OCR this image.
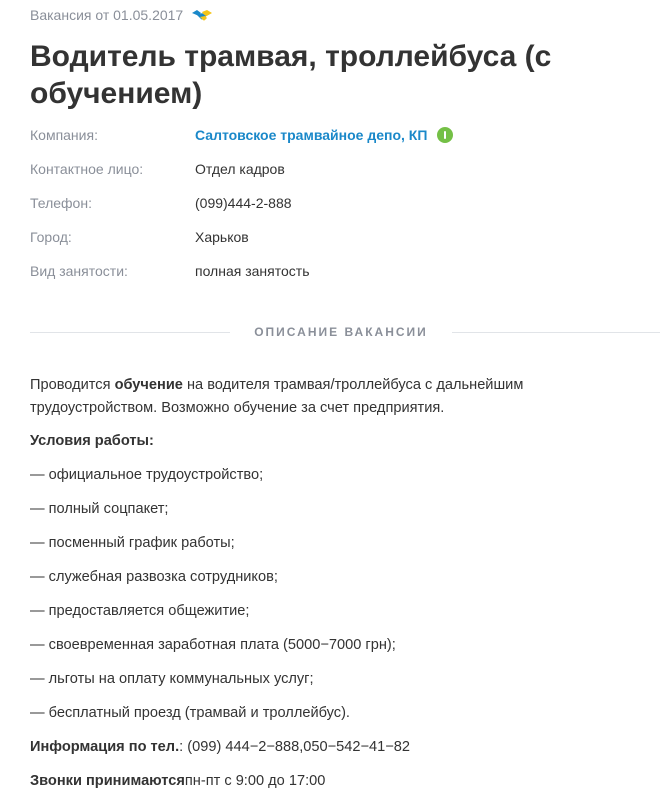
Вакансия от 01.05.2017
Водитель трамвая, троллейбуса (с обучением)
Компания:	Салтовское трамвайное депо, КП
Контактное лицо:	Отдел кадров
Телефон:	(099)444-2-888
Город:	Харьков
Вид занятости:	полная занятость
ОПИСАНИЕ ВАКАНСИИ

Проводится обучение на водителя трамвая/троллейбуса с дальнейшим трудоустройством. Возможно обучение за счет предприятия.

Условия работы:

— официальное трудоустройство;
— полный соцпакет;
— посменный график работы;
— служебная развозка сотрудников;
— предоставляется общежитие;
— своевременная заработная плата (5000−7000 грн);
— льготы на оплату коммунальных услуг;
— бесплатный проезд (трамвай и троллейбус).
Информация по тел.: (099) 444−2−888,050−542−41−82
Звонки принимаютсяпн-пт с 9:00 до 17:00
